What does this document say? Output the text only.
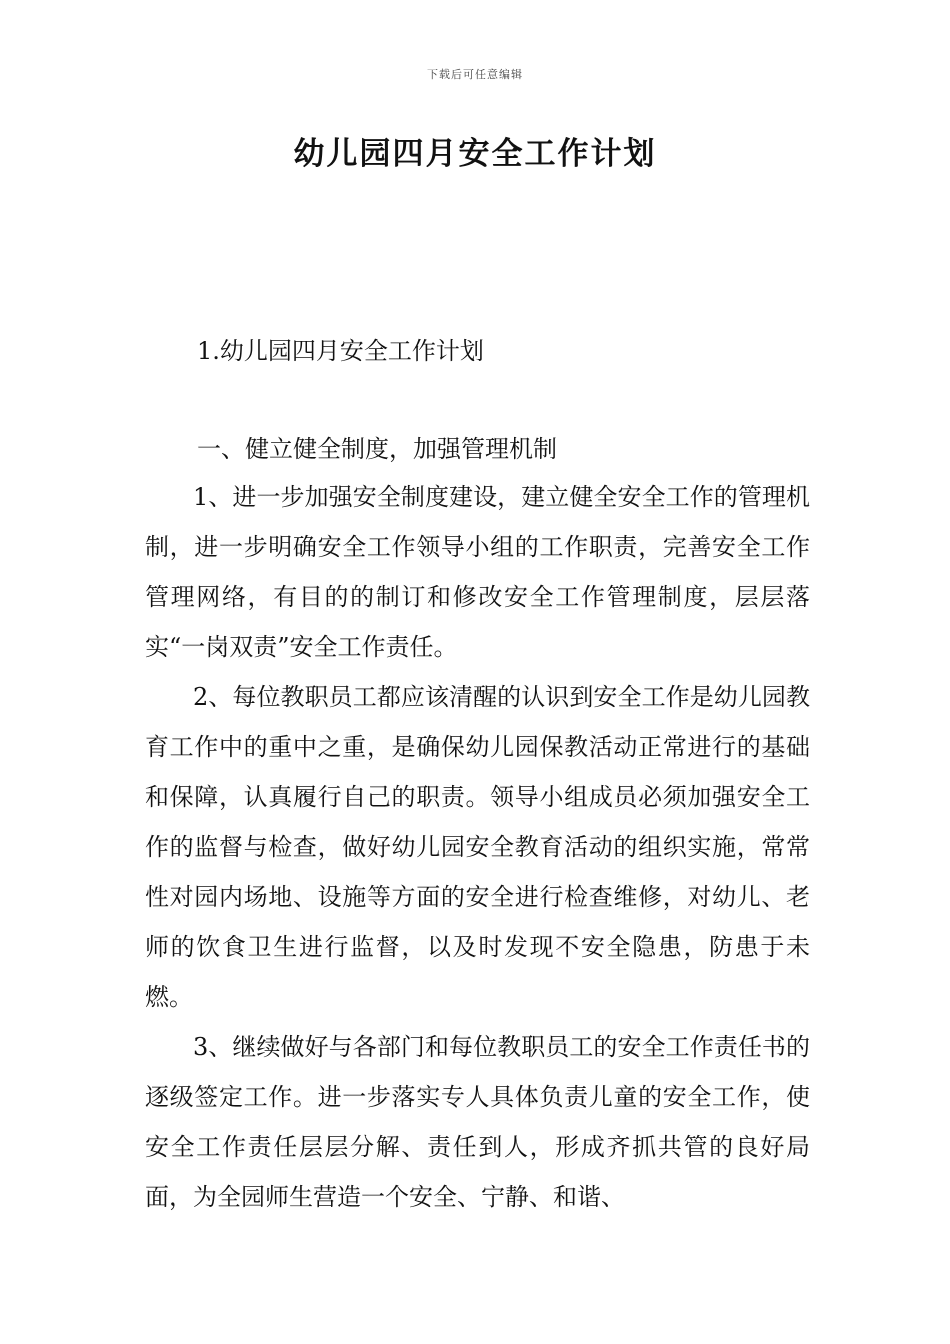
下载后可任意编辑
幼儿园四月安全工作计划
1.幼儿园四月安全工作计划
一、健立健全制度，加强管理机制

1、进一步加强安全制度建设，建立健全安全工作的管理机制，进一步明确安全工作领导小组的工作职责，完善安全工作管理网络，有目的的制订和修改安全工作管理制度，层层落实“一岗双责”安全工作责任。

2、每位教职员工都应该清醒的认识到安全工作是幼儿园教育工作中的重中之重，是确保幼儿园保教活动正常进行的基础和保障，认真履行自己的职责。领导小组成员必须加强安全工作的监督与检查，做好幼儿园安全教育活动的组织实施，常常性对园内场地、设施等方面的安全进行检查维修，对幼儿、老师的饮食卫生进行监督，以及时发现不安全隐患，防患于未燃。

3、继续做好与各部门和每位教职员工的安全工作责任书的逐级签定工作。进一步落实专人具体负责儿童的安全工作，使安全工作责任层层分解、责任到人，形成齐抓共管的良好局面，为全园师生营造一个安全、宁静、和谐、
